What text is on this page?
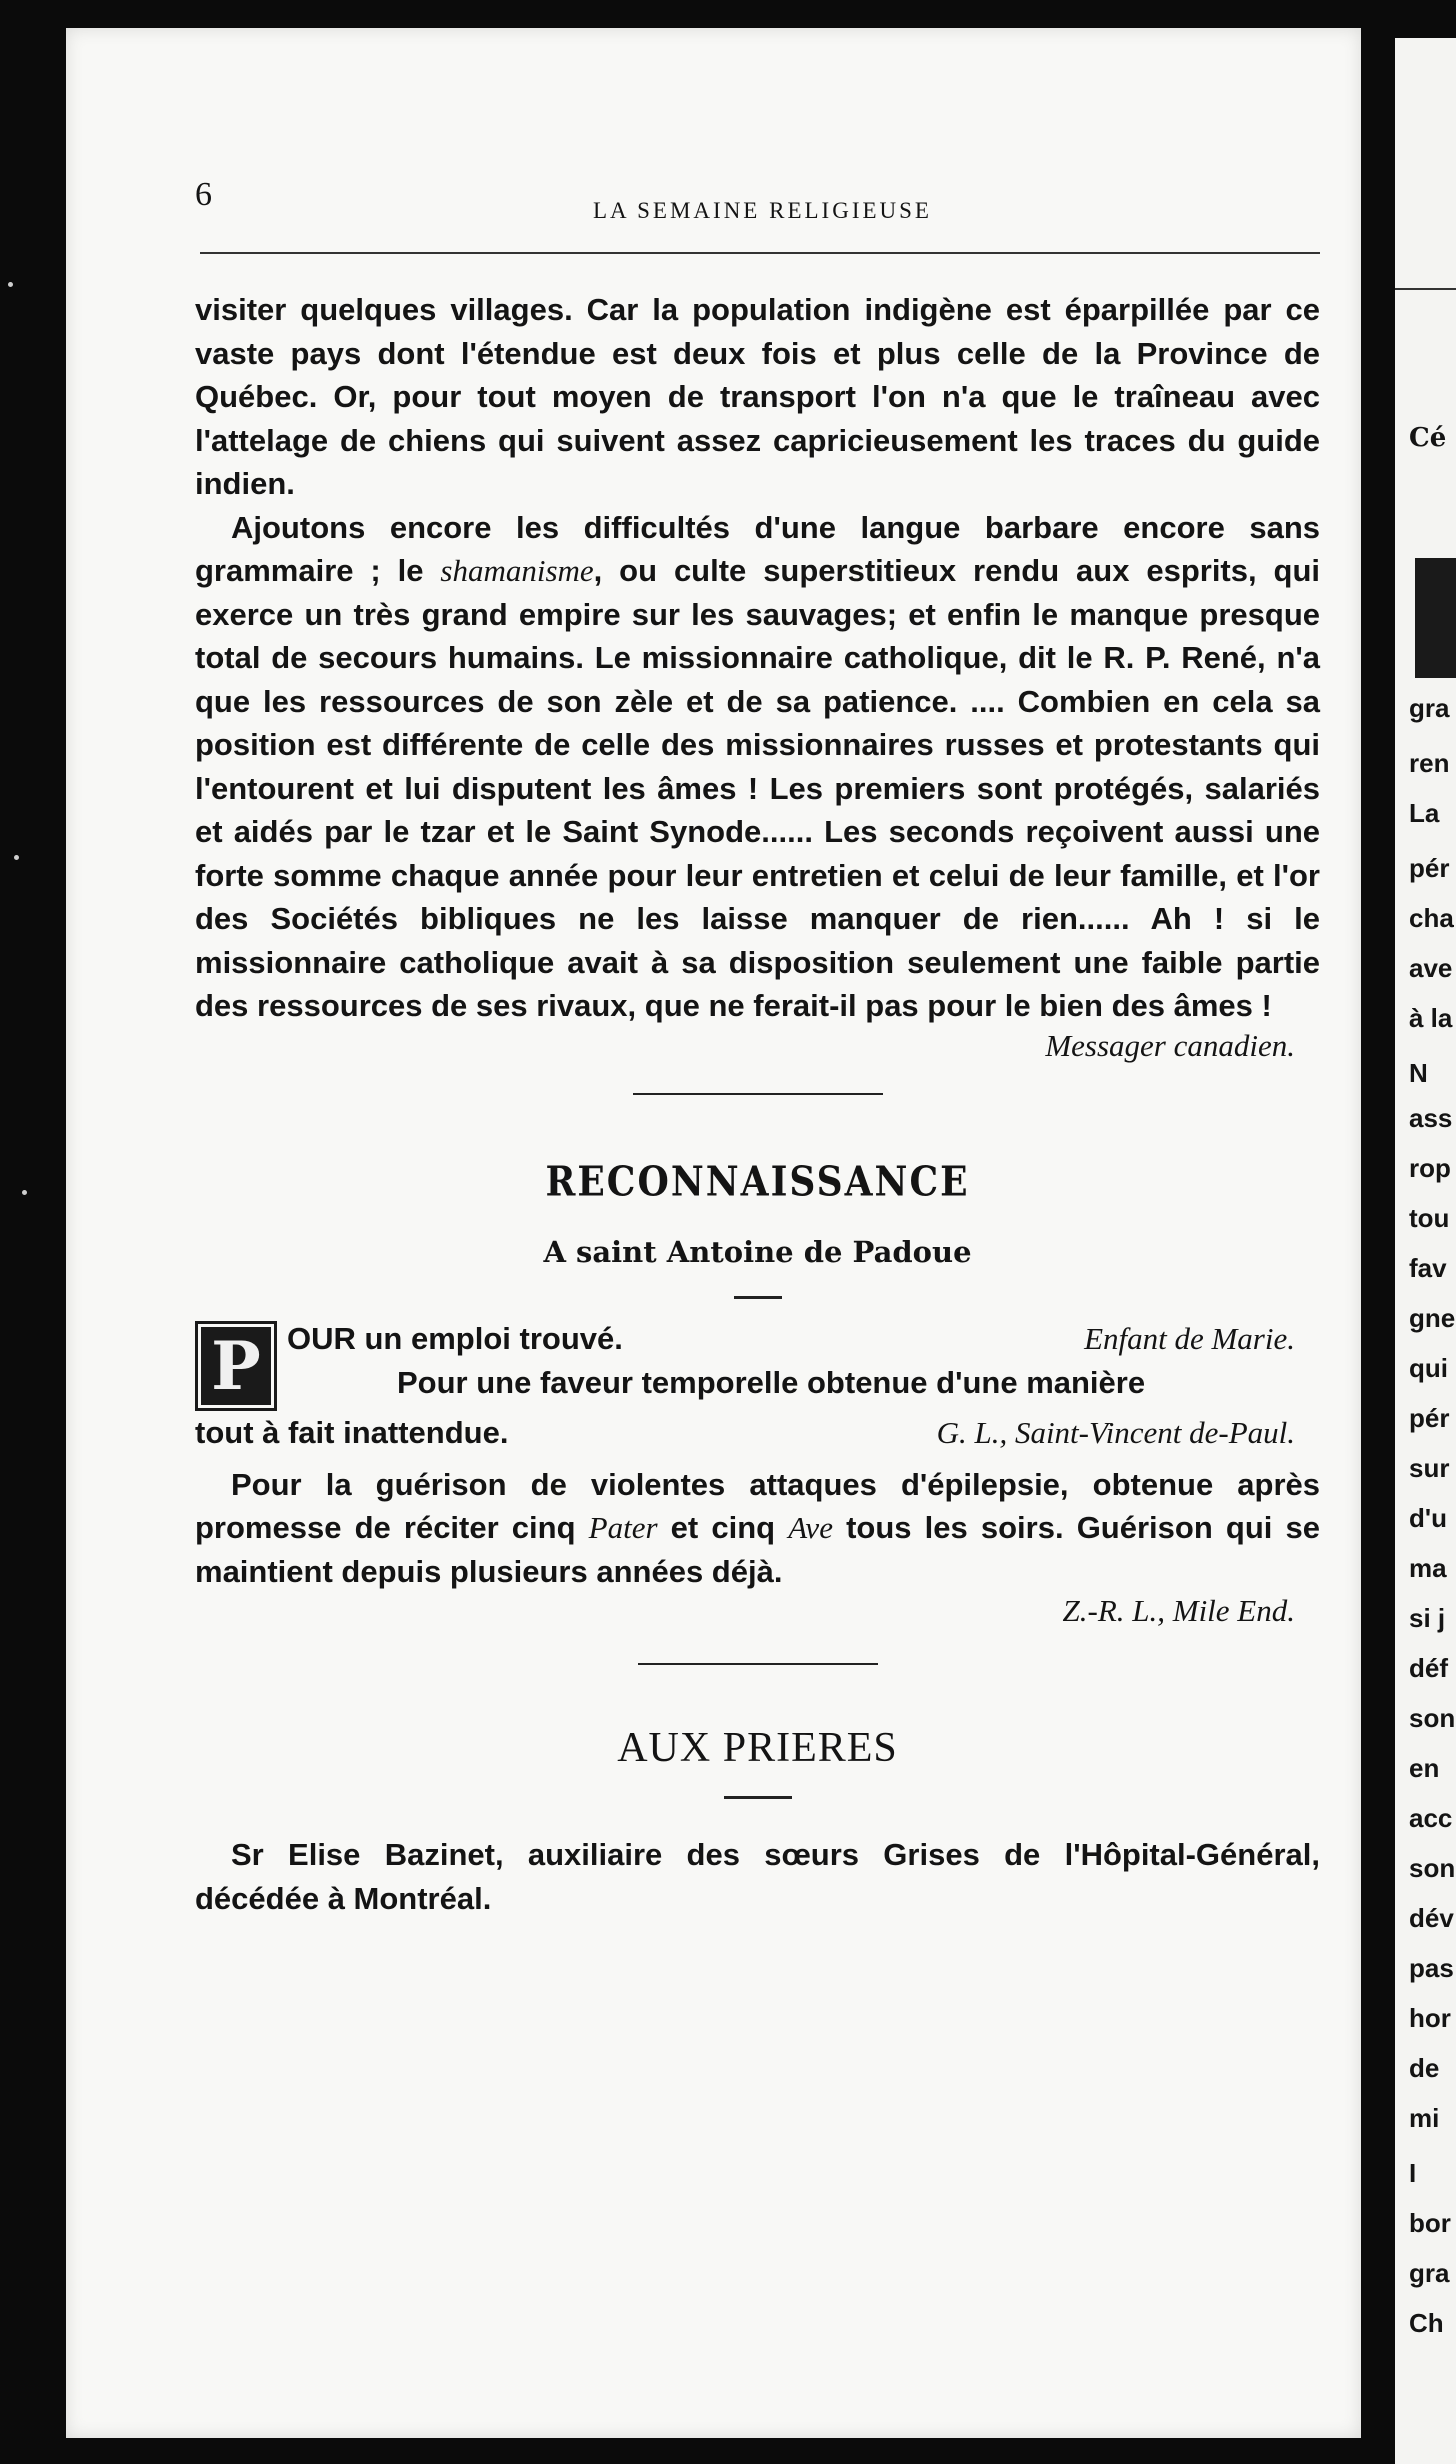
6	LA SEMAINE RELIGIEUSE

visiter quelques villages. Car la population indigène est éparpillée par ce vaste pays dont l'étendue est deux fois et plus celle de la Province de Québec. Or, pour tout moyen de transport l'on n'a que le traîneau avec l'attelage de chiens qui suivent assez capricieusement les traces du guide indien.

Ajoutons encore les difficultés d'une langue barbare encore sans grammaire ; le shamanisme, ou culte superstitieux rendu aux esprits, qui exerce un très grand empire sur les sauvages; et enfin le manque presque total de secours humains. Le missionnaire catholique, dit le R. P. René, n'a que les ressources de son zèle et de sa patience. .... Combien en cela sa position est différente de celle des missionnaires russes et protestants qui l'entourent et lui disputent les âmes ! Les premiers sont protégés, salariés et aidés par le tzar et le Saint Synode...... Les seconds reçoivent aussi une forte somme chaque année pour leur entretien et celui de leur famille, et l'or des Sociétés bibliques ne les laisse manquer de rien...... Ah ! si le missionnaire catholique avait à sa disposition seulement une faible partie des ressources de ses rivaux, que ne ferait-il pas pour le bien des âmes !

Messager canadien.
RECONNAISSANCE
A saint Antoine de Padoue
P OUR un emploi trouvé.	Enfant de Marie.
Pour une faveur temporelle obtenue d'une manière
tout à fait inattendue.	G. L., Saint-Vincent de-Paul.

Pour la guérison de violentes attaques d'épilepsie, obtenue après promesse de réciter cinq Pater et cinq Ave tous les soirs. Guérison qui se maintient depuis plusieurs années déjà.

Z.-R. L., Mile End.
AUX PRIERES

Sr Elise Bazinet, auxiliaire des sœurs Grises de l'Hôpital-Général, décédée à Montréal.

Cé
gra
ren
La
pér
cha
ave
à la
N
ass
rop
tou
fav
gne
qui
pér
sur
d'u
ma
si j
déf
son
en
acc
son
dév
pas
hor
de
mi
I
bor
gra
Ch
